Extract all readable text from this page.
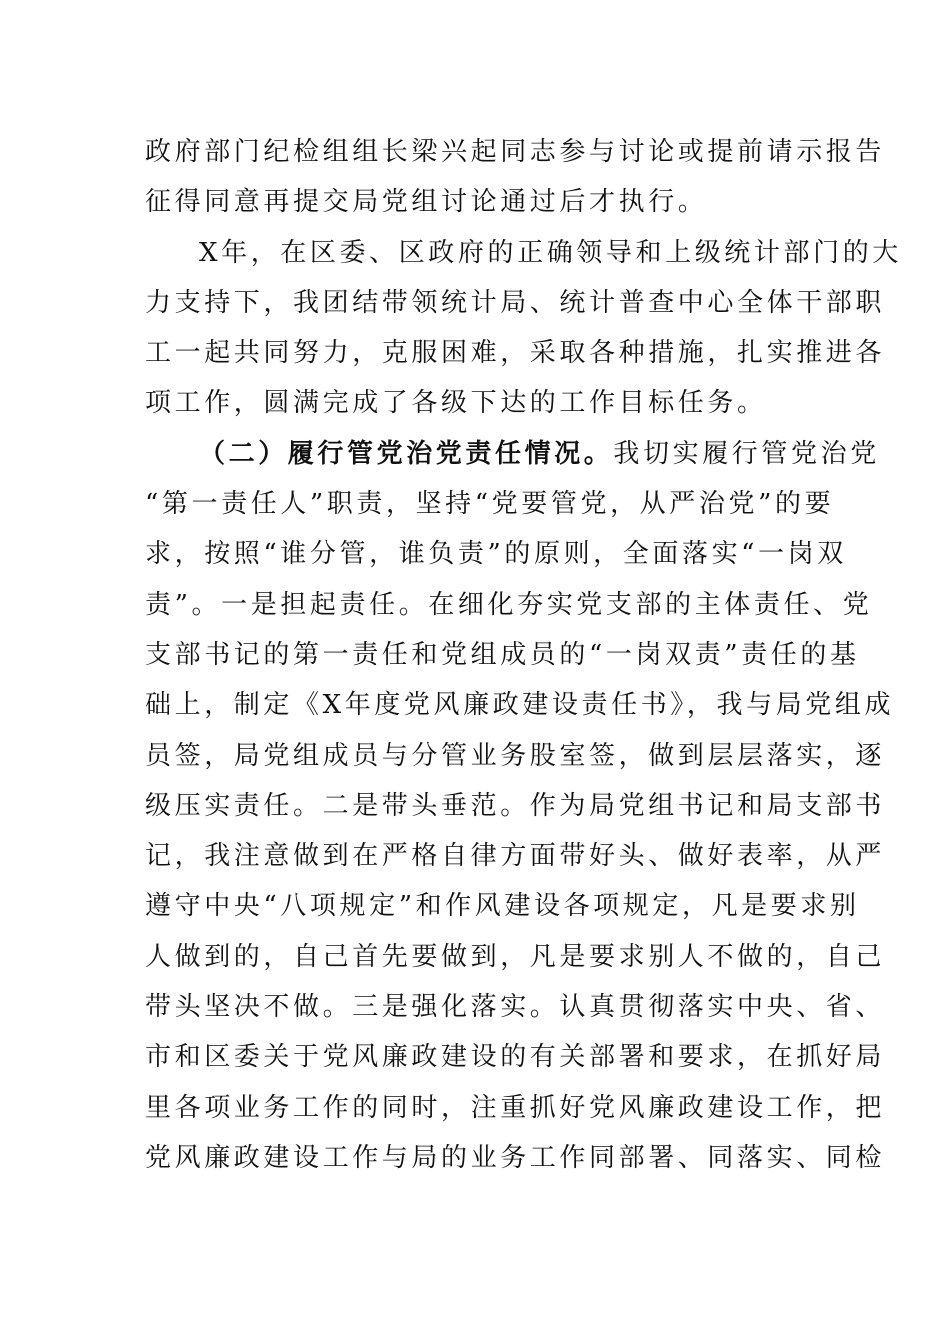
政府部门纪检组组长梁兴起同志参与讨论或提前请示报告
征得同意再提交局党组讨论通过后才执行。
X年，在区委、区政府的正确领导和上级统计部门的大
力支持下，我团结带领统计局、统计普查中心全体干部职
工一起共同努力，克服困难，采取各种措施，扎实推进各
项工作，圆满完成了各级下达的工作目标任务。
（二）履行管党治党责任情况。我切实履行管党治党
“第一责任人”职责，坚持“党要管党，从严治党”的要
求，按照“谁分管，谁负责”的原则，全面落实“一岗双
责”。一是担起责任。在细化夯实党支部的主体责任、党
支部书记的第一责任和党组成员的“一岗双责”责任的基
础上，制定《X年度党风廉政建设责任书》，我与局党组成
员签，局党组成员与分管业务股室签，做到层层落实，逐
级压实责任。二是带头垂范。作为局党组书记和局支部书
记，我注意做到在严格自律方面带好头、做好表率，从严
遵守中央“八项规定”和作风建设各项规定，凡是要求别
人做到的，自己首先要做到，凡是要求别人不做的，自己
带头坚决不做。三是强化落实。认真贯彻落实中央、省、
市和区委关于党风廉政建设的有关部署和要求，在抓好局
里各项业务工作的同时，注重抓好党风廉政建设工作，把
党风廉政建设工作与局的业务工作同部署、同落实、同检
